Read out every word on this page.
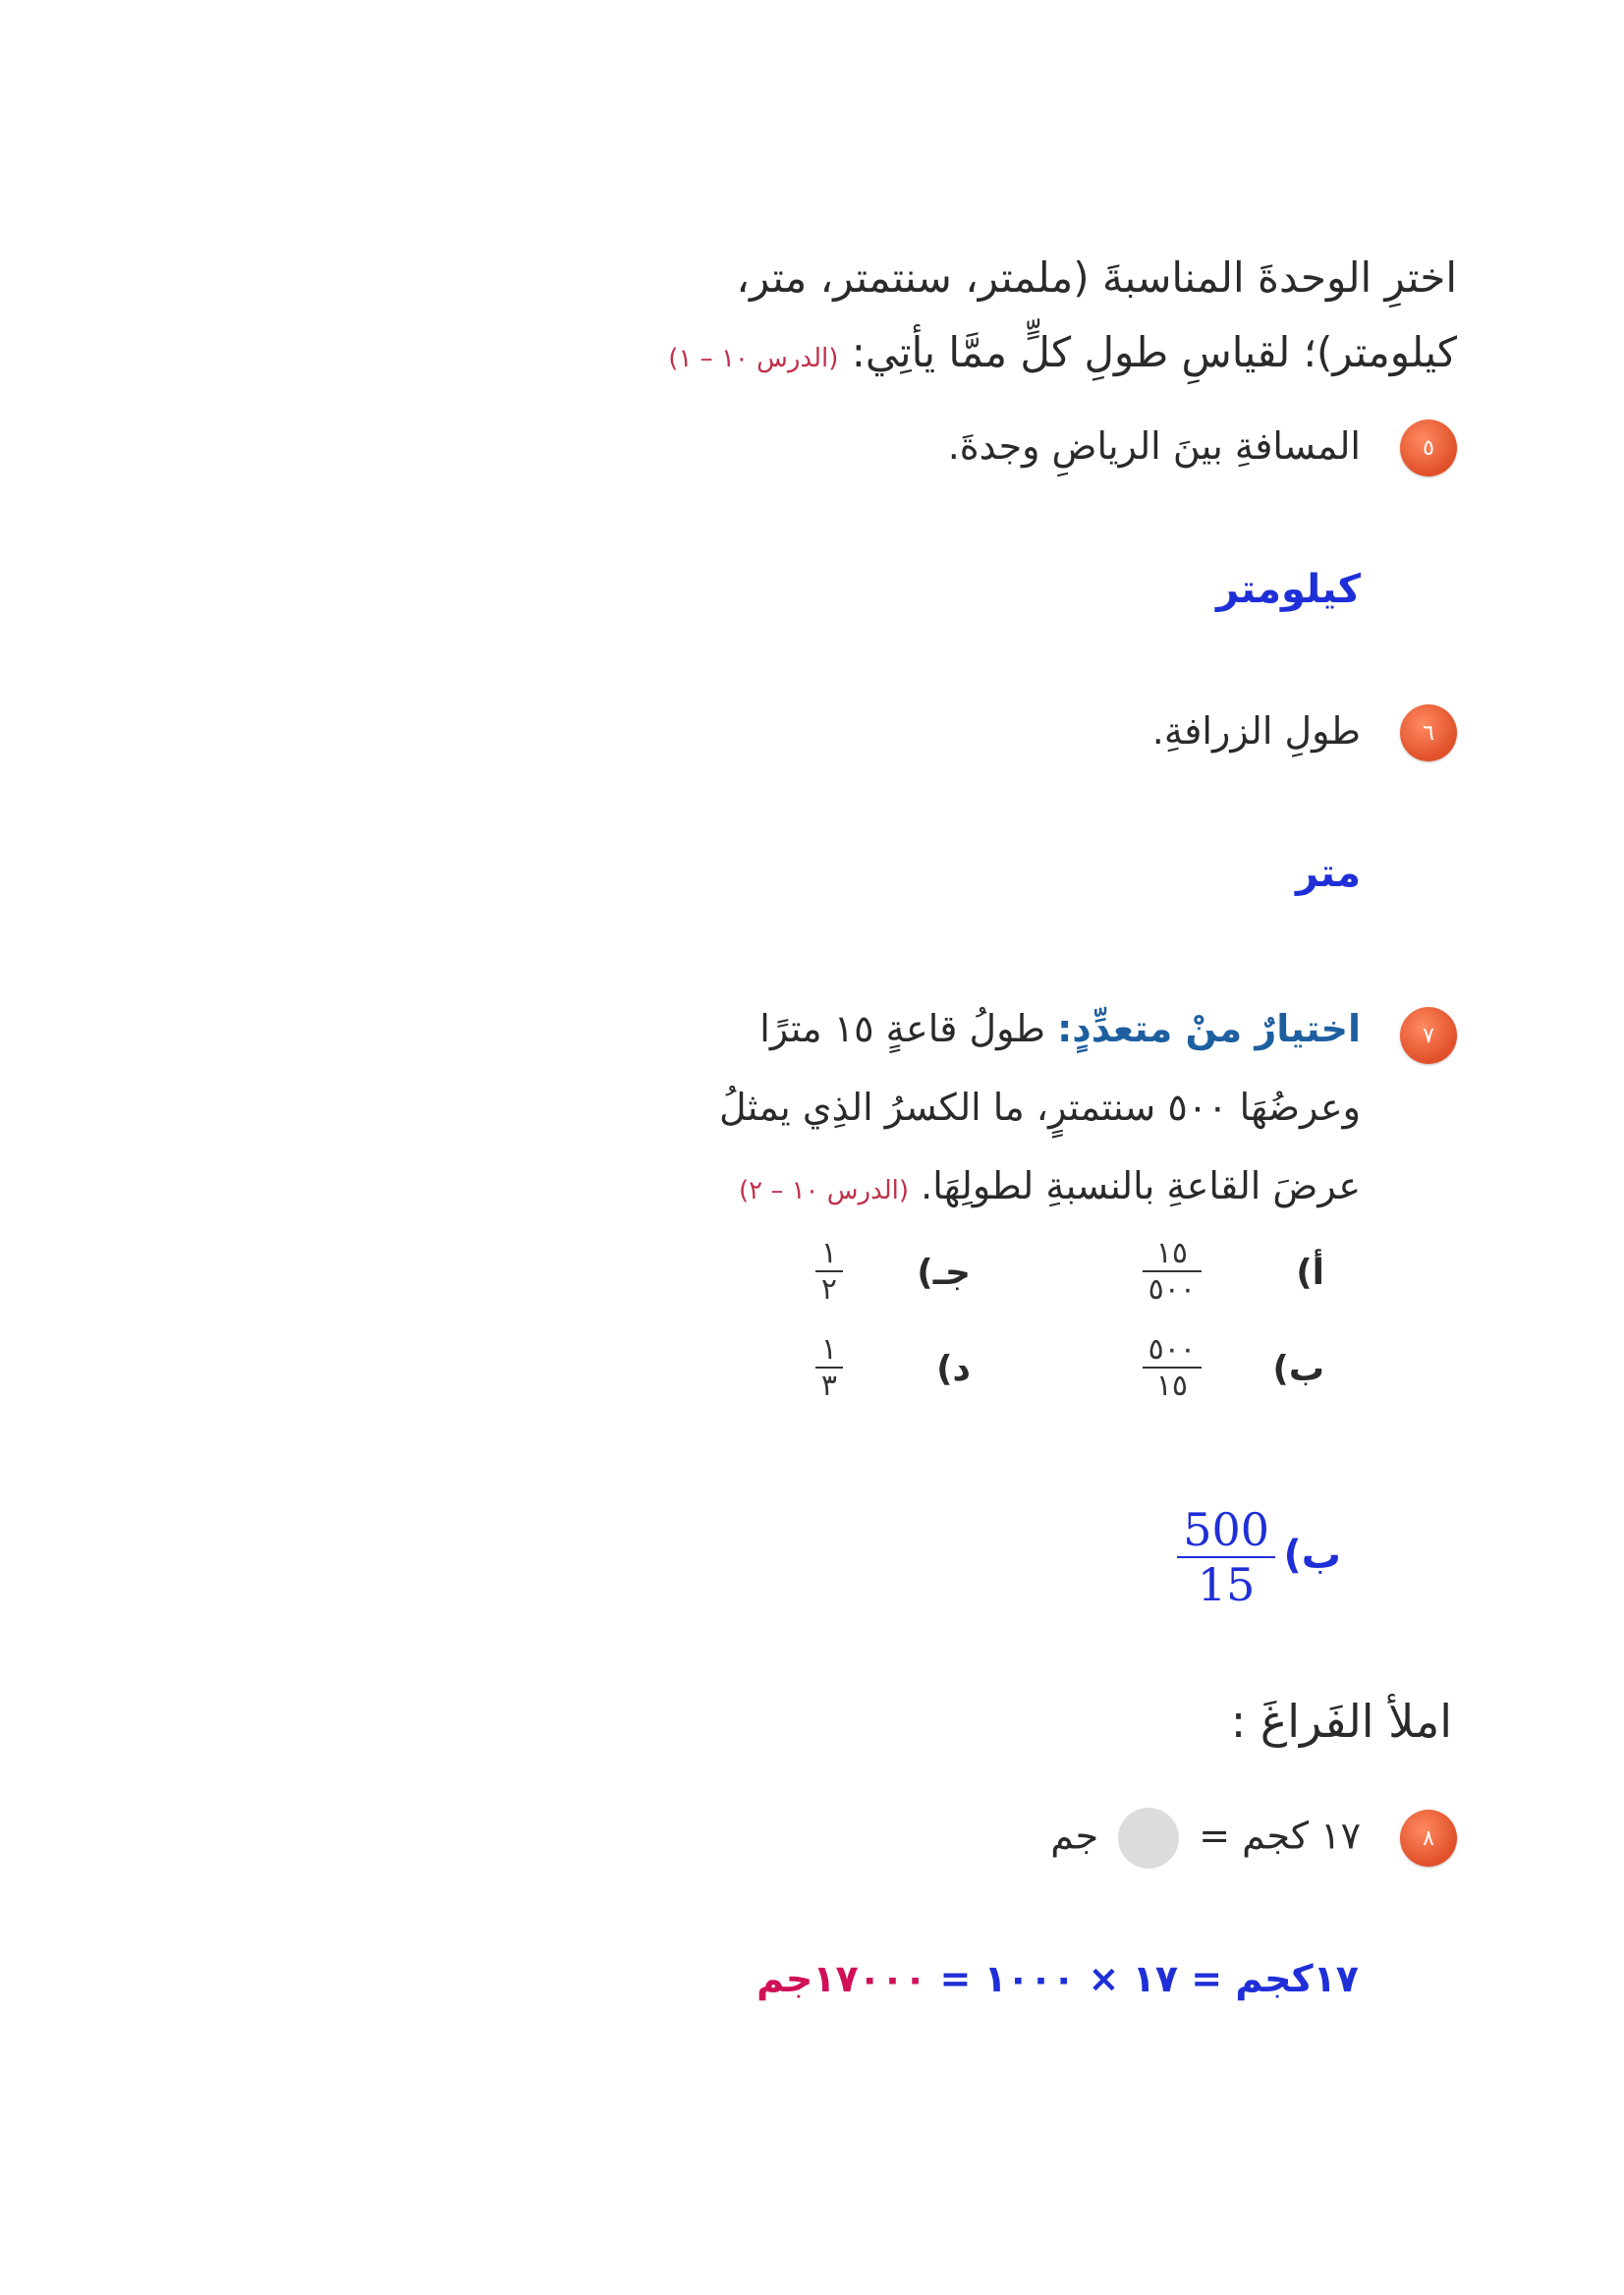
اخترِ الوحدةَ المناسبةَ (ملمتر، سنتمتر، متر،
كيلومتر)؛ لقياسِ طولِ كلٍّ ممَّا يأتِي: (الدرس ١٠ – ١)
٥
المسافةِ بينَ الرياضِ وجدةَ.
كيلومتر
٦
طولِ الزرافةِ.
متر
٧
اختيارٌ منْ متعدِّدٍ: طولُ قاعةٍ ١٥ مترًا
وعرضُهَا ٥٠٠ سنتمترٍ، ما الكسرُ الذِي يمثلُ
عرضَ القاعةِ بالنسبةِ لطولِهَا. (الدرس ١٠ – ٢)
أ)
١٥
٥٠٠
ب)
٥٠٠
١٥
جـ)
١
٢
د)
١
٣
ب)
500
15
املأ الفَراغَ :
٨
١٧ كجم =  جم
١٧كجم = ١٧ × ١٠٠٠ = ١٧٠٠٠جم
